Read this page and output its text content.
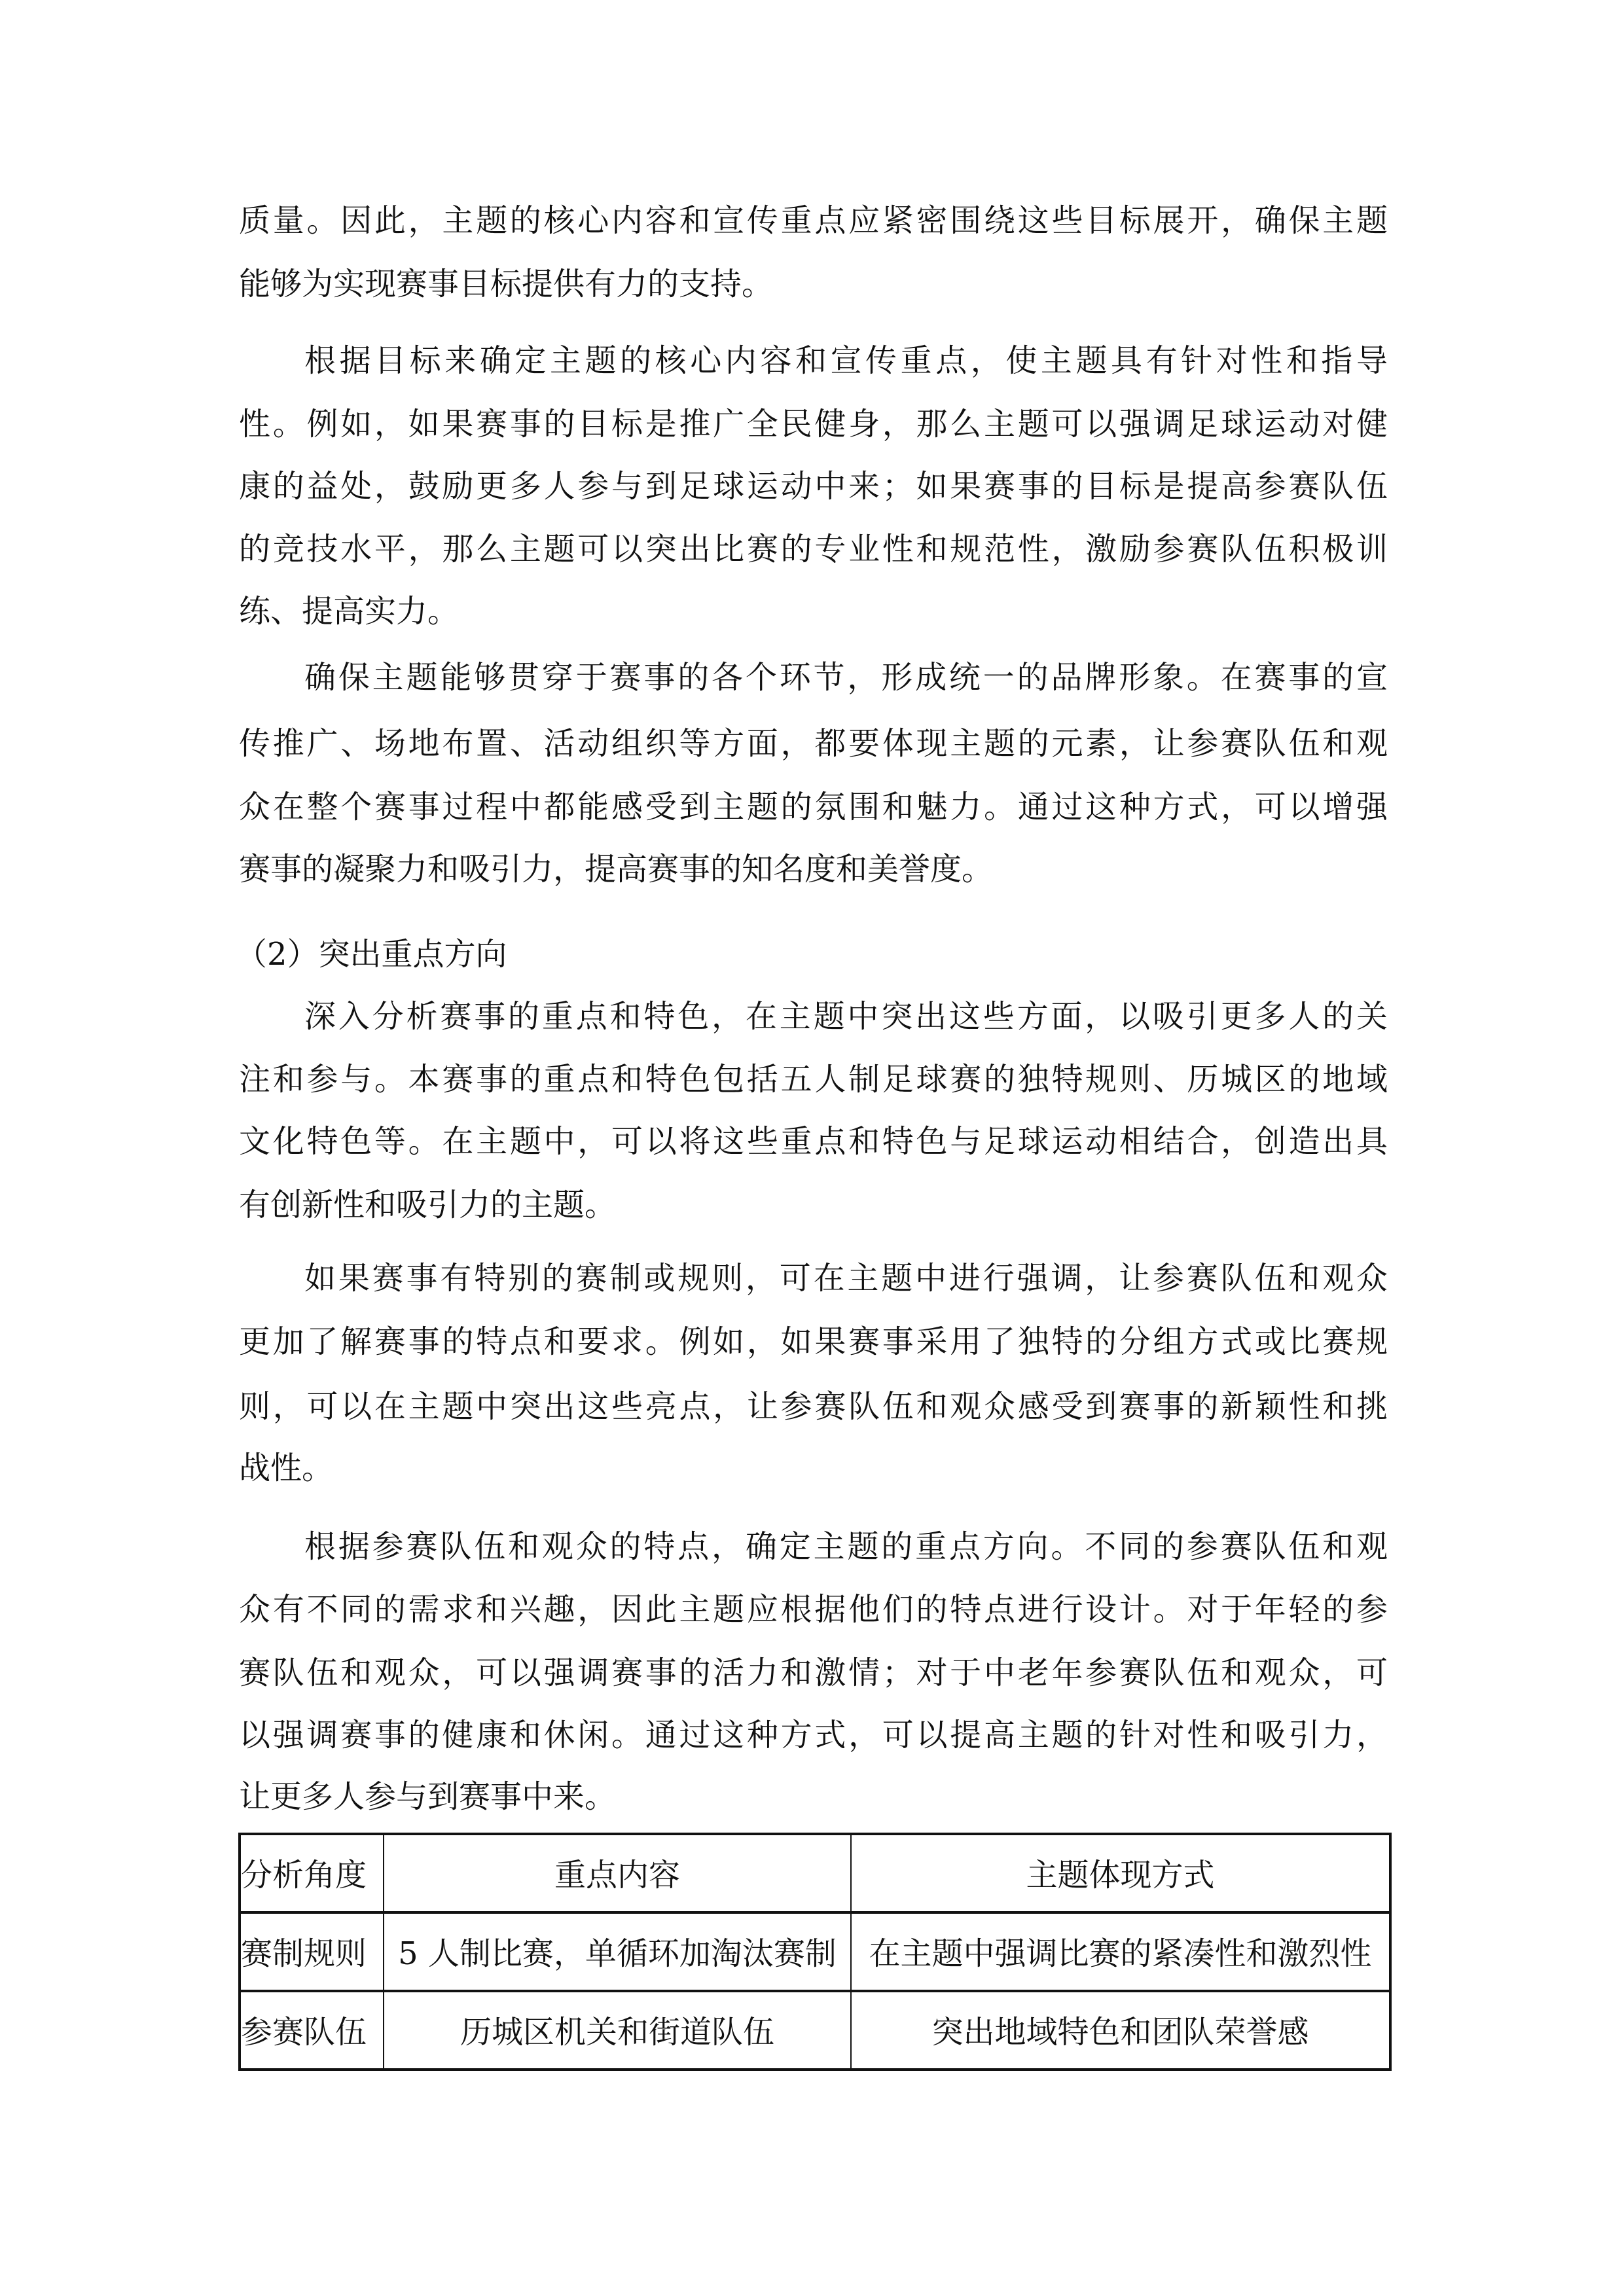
质量。因此，主题的核心内容和宣传重点应紧密围绕这些目标展开，确保主题
能够为实现赛事目标提供有力的支持。
根据目标来确定主题的核心内容和宣传重点，使主题具有针对性和指导
性。例如，如果赛事的目标是推广全民健身，那么主题可以强调足球运动对健
康的益处，鼓励更多人参与到足球运动中来；如果赛事的目标是提高参赛队伍
的竞技水平，那么主题可以突出比赛的专业性和规范性，激励参赛队伍积极训
练、提高实力。
确保主题能够贯穿于赛事的各个环节，形成统一的品牌形象。在赛事的宣
传推广、场地布置、活动组织等方面，都要体现主题的元素，让参赛队伍和观
众在整个赛事过程中都能感受到主题的氛围和魅力。通过这种方式，可以增强
赛事的凝聚力和吸引力，提高赛事的知名度和美誉度。
（2）突出重点方向
深入分析赛事的重点和特色，在主题中突出这些方面，以吸引更多人的关
注和参与。本赛事的重点和特色包括五人制足球赛的独特规则、历城区的地域
文化特色等。在主题中，可以将这些重点和特色与足球运动相结合，创造出具
有创新性和吸引力的主题。
如果赛事有特别的赛制或规则，可在主题中进行强调，让参赛队伍和观众
更加了解赛事的特点和要求。例如，如果赛事采用了独特的分组方式或比赛规
则，可以在主题中突出这些亮点，让参赛队伍和观众感受到赛事的新颖性和挑
战性。
根据参赛队伍和观众的特点，确定主题的重点方向。不同的参赛队伍和观
众有不同的需求和兴趣，因此主题应根据他们的特点进行设计。对于年轻的参
赛队伍和观众，可以强调赛事的活力和激情；对于中老年参赛队伍和观众，可
以强调赛事的健康和休闲。通过这种方式，可以提高主题的针对性和吸引力，
让更多人参与到赛事中来。
分析角度	重点内容	主题体现方式
赛制规则	5 人制比赛，单循环加淘汰赛制	在主题中强调比赛的紧凑性和激烈性
参赛队伍	历城区机关和街道队伍	突出地域特色和团队荣誉感
